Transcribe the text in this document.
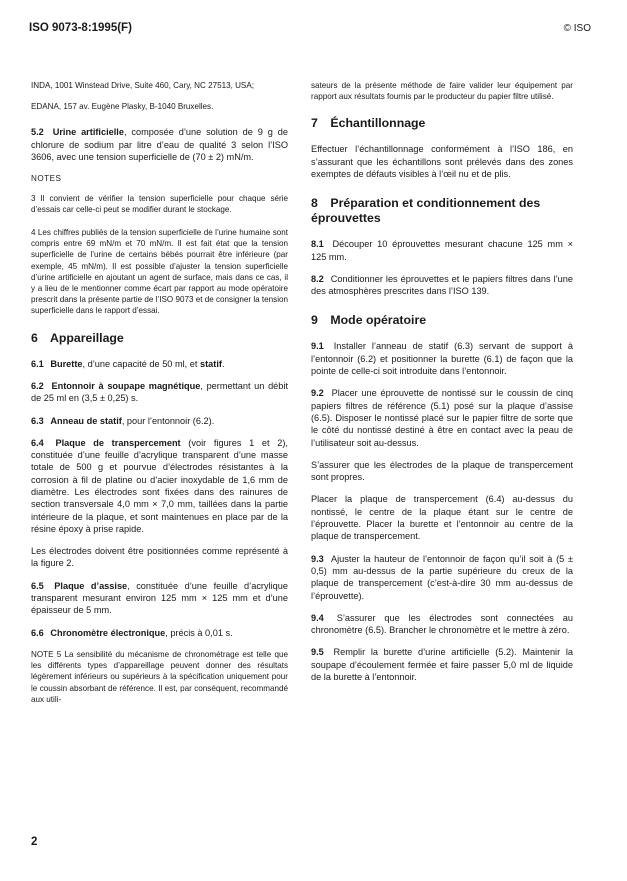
ISO 9073-8:1995(F)	© ISO

INDA, 1001 Winstead Drive, Suite 460, Cary, NC 27513, USA;

EDANA, 157 av. Eugène Plasky, B-1040 Bruxelles.

5.2 Urine artificielle, composée d’une solution de 9 g de chlorure de sodium par litre d’eau de qualité 3 selon l’ISO 3606, avec une tension superficielle de (70 ± 2) mN/m.

NOTES

3 Il convient de vérifier la tension superficielle pour chaque série d’essais car celle-ci peut se modifier durant le stockage.

4 Les chiffres publiés de la tension superficielle de l’urine humaine sont compris entre 69 mN/m et 70 mN/m. Il est fait état que la tension superficielle de l’urine de certains bébés pourrait être inférieure (par exemple, 45 mN/m). Il est possible d’ajuster la tension superficielle d’urine artificielle en ajoutant un agent de surface, mais dans ce cas, il y a lieu de le mentionner comme écart par rapport au mode opératoire prescrit dans la présente partie de l’ISO 9073 et de consigner la tension superficielle dans le rapport d’essai.

6 Appareillage

6.1 Burette, d’une capacité de 50 ml, et statif.

6.2 Entonnoir à soupape magnétique, permettant un débit de 25 ml en (3,5 ± 0,25) s.

6.3 Anneau de statif, pour l’entonnoir (6.2).

6.4 Plaque de transpercement (voir figures 1 et 2), constituée d’une feuille d’acrylique transparent d’une masse totale de 500 g et pourvue d’électrodes résistantes à la corrosion à fil de platine ou d’acier inoxydable de 1,6 mm de diamètre. Les électrodes sont fixées dans des rainures de section transversale 4,0 mm × 7,0 mm, taillées dans la partie intérieure de la plaque, et sont maintenues en place par de la résine époxy à prise rapide.

Les électrodes doivent être positionnées comme représenté à la figure 2.

6.5 Plaque d’assise, constituée d’une feuille d’acrylique transparent mesurant environ 125 mm × 125 mm et d’une épaisseur de 5 mm.

6.6 Chronomètre électronique, précis à 0,01 s.

NOTE 5 La sensibilité du mécanisme de chronométrage est telle que les différents types d’appareillage peuvent donner des résultats légèrement inférieurs ou supérieurs à la spécification uniquement pour le coussin absorbant de référence. Il est, par conséquent, recommandé aux utili-

sateurs de la présente méthode de faire valider leur équipement par rapport aux résultats fournis par le producteur du papier filtre utilisé.

7 Échantillonnage

Effectuer l’échantillonnage conformément à l’ISO 186, en s’assurant que les échantillons sont prélevés dans des zones exemptes de défauts visibles à l’œil nu et de plis.

8 Préparation et conditionnement des éprouvettes

8.1 Découper 10 éprouvettes mesurant chacune 125 mm × 125 mm.

8.2 Conditionner les éprouvettes et le papiers filtres dans l’une des atmosphères prescrites dans l’ISO 139.

9 Mode opératoire

9.1 Installer l’anneau de statif (6.3) servant de support à l’entonnoir (6.2) et positionner la burette (6.1) de façon que la pointe de celle-ci soit introduite dans l’entonnoir.

9.2 Placer une éprouvette de nontissé sur le coussin de cinq papiers filtres de référence (5.1) posé sur la plaque d’assise (6.5). Disposer le nontissé placé sur le papier filtre de sorte que le côté du nontissé destiné à être en contact avec la peau de l’utilisateur soit au-dessus.

S’assurer que les électrodes de la plaque de transpercement sont propres.

Placer la plaque de transpercement (6.4) au-dessus du nontissé, le centre de la plaque étant sur le centre de l’éprouvette. Placer la burette et l’entonnoir au centre de la plaque de transpercement.

9.3 Ajuster la hauteur de l’entonnoir de façon qu’il soit à (5 ± 0,5) mm au-dessus de la partie supérieure du creux de la plaque de transpercement (c’est-à-dire 30 mm au-dessus de l’éprouvette).

9.4 S’assurer que les électrodes sont connectées au chronomètre (6.5). Brancher le chronomètre et le mettre à zéro.

9.5 Remplir la burette d’urine artificielle (5.2). Maintenir la soupape d’écoulement fermée et faire passer 5,0 ml de liquide de la burette à l’entonnoir.

2
